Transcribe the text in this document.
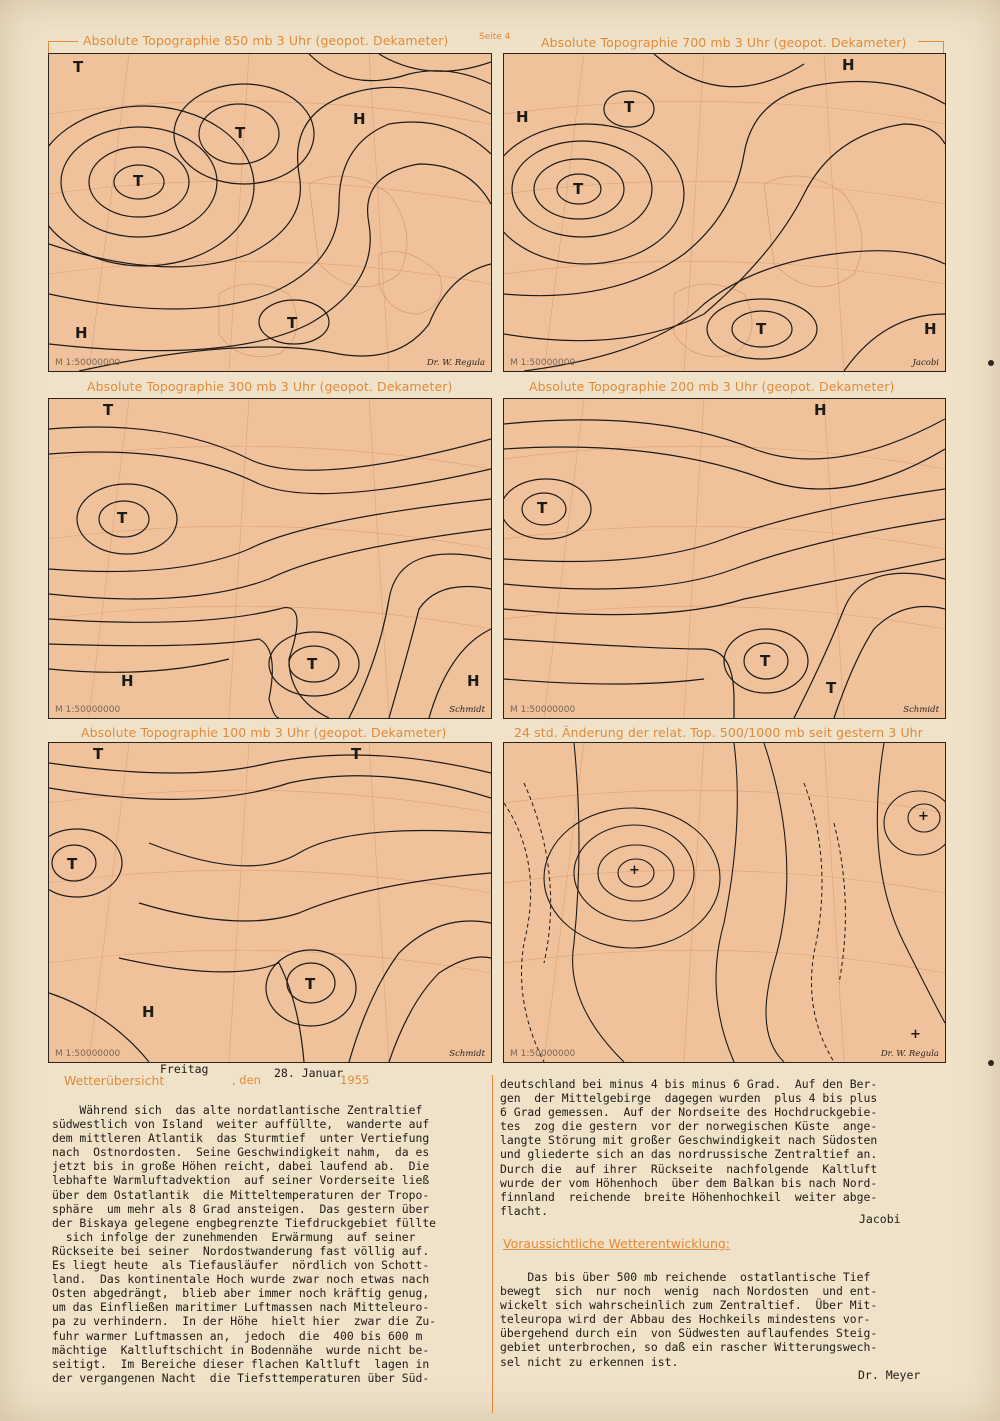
Seite 4
Absolute Topographie 850 mb 3 Uhr (geopot. Dekameter)	Absolute Topographie 700 mb 3 Uhr (geopot. Dekameter)
Absolute Topographie 300 mb 3 Uhr (geopot. Dekameter)	Absolute Topographie 200 mb 3 Uhr (geopot. Dekameter)
Absolute Topographie 100 mb 3 Uhr (geopot. Dekameter)	24 std. Änderung der relat. Top. 500/1000 mb seit gestern 3 Uhr
T
T
T
T
H
H
M 1:50000000	Dr. W. Regula
H
T
T
T	H
H
M 1:50000000	Jacobi
T
T
H
T
H
M 1:50000000	Schmidt
T
T
T
H
M 1:50000000	Schmidt
T
T
T
H
T
M 1:50000000	Schmidt
+
+
+
M 1:50000000	Dr. W. Regula
Wetterübersicht
Freitag
, den 28. Januar
1955

Während sich  das alte nordatlantische Zentraltief

südwestlich von Island  weiter auffüllte,  wanderte auf

dem mittleren Atlantik  das Sturmtief  unter Vertiefung

nach  Ostnordosten.  Seine Geschwindigkeit nahm,  da es

jetzt bis in große Höhen reicht, dabei laufend ab.  Die

lebhafte Warmluftadvektion  auf seiner Vorderseite ließ

über dem Ostatlantik  die Mitteltemperaturen der Tropo-

sphäre  um mehr als 8 Grad ansteigen.  Das gestern über

der Biskaya gelegene engbegrenzte Tiefdruckgebiet füllte

sich infolge der zunehmenden  Erwärmung  auf seiner

Rückseite bei seiner  Nordostwanderung fast völlig auf.

Es liegt heute  als Tiefausläufer  nördlich von Schott-

land.  Das kontinentale Hoch wurde zwar noch etwas nach

Osten abgedrängt,  blieb aber immer noch kräftig genug,

um das Einfließen maritimer Luftmassen nach Mitteleuro-

pa zu verhindern.  In der Höhe  hielt hier  zwar die Zu-

fuhr warmer Luftmassen an,  jedoch  die  400 bis 600 m

mächtige  Kaltluftschicht in Bodennähe  wurde nicht be-

seitigt.  Im Bereiche dieser flachen Kaltluft  lagen in

der vergangenen Nacht  die Tiefsttemperaturen über Süd-

deutschland bei minus 4 bis minus 6 Grad.  Auf den Ber-

gen  der Mittelgebirge  dagegen wurden  plus 4 bis plus

6 Grad gemessen.  Auf der Nordseite des Hochdruckgebie-

tes  zog die gestern  vor der norwegischen Küste  ange-

langte Störung mit großer Geschwindigkeit nach Südosten

und gliederte sich an das nordrussische Zentraltief an.

Durch die  auf ihrer  Rückseite  nachfolgende  Kaltluft

wurde der vom Höhenhoch  über dem Balkan bis nach Nord-

finnland  reichende  breite Höhenhochkeil  weiter abge-

flacht.

Jacobi
Voraussichtliche Wetterentwicklung:

Das bis über 500 mb reichende  ostatlantische Tief

bewegt  sich  nur noch  wenig  nach Nordosten  und ent-

wickelt sich wahrscheinlich zum Zentraltief.  Über Mit-

teleuropa wird der Abbau des Hochkeils mindestens vor-

übergehend durch ein  von Südwesten auflaufendes Steig-

gebiet unterbrochen, so daß ein rascher Witterungswech-

sel nicht zu erkennen ist.

Dr. Meyer
